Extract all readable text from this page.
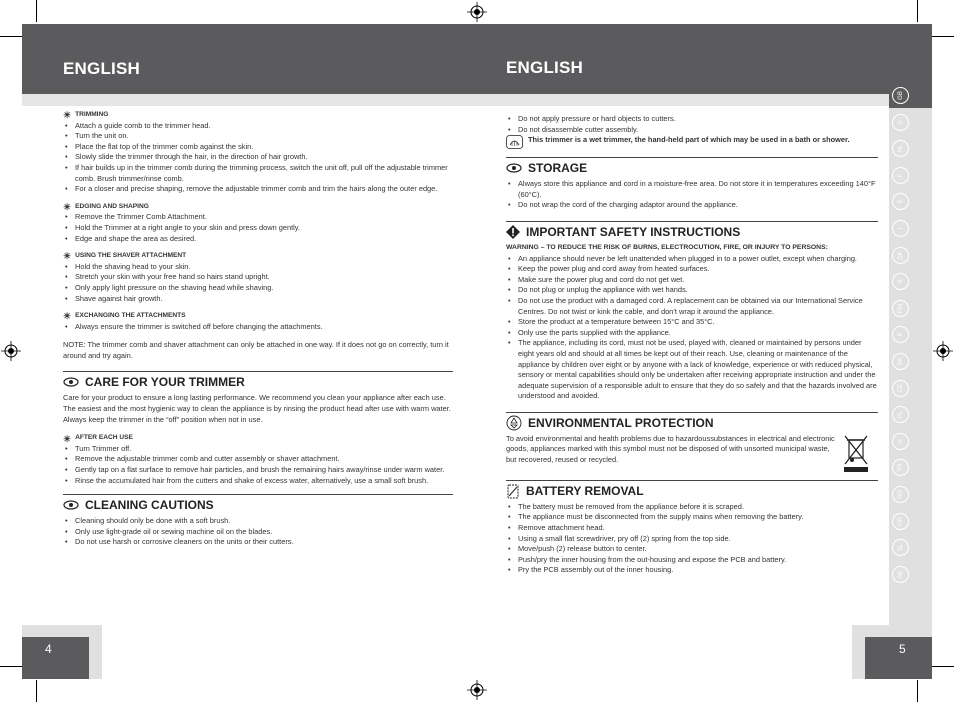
ENGLISH	ENGLISH
GB
D
NL
F
E
I
DK
S
FIN
P
SK
CZ
PL
H
TR
RO
GR
SL
AE
4	5
☀ TRIMMING
• Attach a guide comb to the trimmer head.
• Turn the unit on.
• Place the flat top of the trimmer comb against the skin.
• Slowly slide the trimmer through the hair, in the direction of hair growth.
• If hair builds up in the trimmer comb during the trimming process, switch the unit off, pull off the adjustable trimmer comb. Brush trimmer/rinse comb.
• For a closer and precise shaping, remove the adjustable trimmer comb and trim the hairs along the outer edge.
☀ EDGING AND SHAPING
• Remove the Trimmer Comb Attachment.
• Hold the Trimmer at a right angle to your skin and press down gently.
• Edge and shape the area as desired.
☀ USING THE SHAVER ATTACHMENT
• Hold the shaving head to your skin.
• Stretch your skin with your free hand so hairs stand upright.
• Only apply light pressure on the shaving head while shaving.
• Shave against hair growth.
☀ EXCHANGING THE ATTACHMENTS
• Always ensure the trimmer is switched off before changing the attachments.

NOTE: The trimmer comb and shaver attachment can only be attached in one way. If it does not go on correctly, turn it around and try again.

CARE FOR YOUR TRIMMER

Care for your product to ensure a long lasting performance. We recommend you clean your appliance after each use. The easiest and the most hygienic way to clean the appliance is by rinsing the product head after use with warm water. Always keep the trimmer in the “off” position when not in use.

☀ AFTER EACH USE
• Turn Trimmer off.
• Remove the adjustable trimmer comb and cutter assembly or shaver attachment.
• Gently tap on a flat surface to remove hair particles, and brush the remaining hairs away/rinse under warm water.
• Rinse the accumulated hair from the cutters and shake of excess water, alternatively, use a small soft brush.
CLEANING CAUTIONS
• Cleaning should only be done with a soft brush.
• Only use light-grade oil or sewing machine oil on the blades.
• Do not use harsh or corrosive cleaners on the units or their cutters.
• Do not apply pressure or hard objects to cutters.
• Do not disassemble cutter assembly.
This trimmer is a wet trimmer, the hand-held part of which may be used in a bath or shower.
STORAGE
• Always store this appliance and cord in a moisture-free area. Do not store it in temperatures exceeding 140°F (60°C).
• Do not wrap the cord of the charging adaptor around the appliance.
IMPORTANT SAFETY INSTRUCTIONS
WARNING – TO REDUCE THE RISK OF BURNS, ELECTROCUTION, FIRE, OR INJURY TO PERSONS:
• An appliance should never be left unattended when plugged in to a power outlet, except when charging.
• Keep the power plug and cord away from heated surfaces.
• Make sure the power plug and cord do not get wet.
• Do not plug or unplug the appliance with wet hands.
• Do not use the product with a damaged cord. A replacement can be obtained via our International Service Centres. Do not twist or kink the cable, and don’t wrap it around the appliance.
• Store the product at a temperature between 15°C and 35°C.
• Only use the parts supplied with the appliance.
• The appliance, including its cord, must not be used, played with, cleaned or maintained by persons under eight years old and should at all times be kept out of their reach. Use, cleaning or maintenance of the appliance by children over eight or by anyone with a lack of knowledge, experience or with reduced physical, sensory or mental capabilities should only be undertaken after receiving appropriate instruction and under the adequate supervision of a responsible adult to ensure that they do so safely and that the hazards involved are understood and avoided.
ENVIRONMENTAL PROTECTION

To avoid environmental and health problems due to hazardoussubstances in electrical and electronic goods, appliances marked with this symbol must not be disposed of with unsorted municipal waste, but recovered, reused or recycled.

BATTERY REMOVAL
• The battery must be removed from the appliance before it is scraped.
• The appliance must be disconnected from the supply mains when removing the battery.
• Remove attachment head.
• Using a small flat screwdriver, pry off (2) spring from the top side.
• Move/push (2) release button to center.
• Push/pry the inner housing from the out-housing and expose the PCB and battery.
• Pry the PCB assembly out of the inner housing.
